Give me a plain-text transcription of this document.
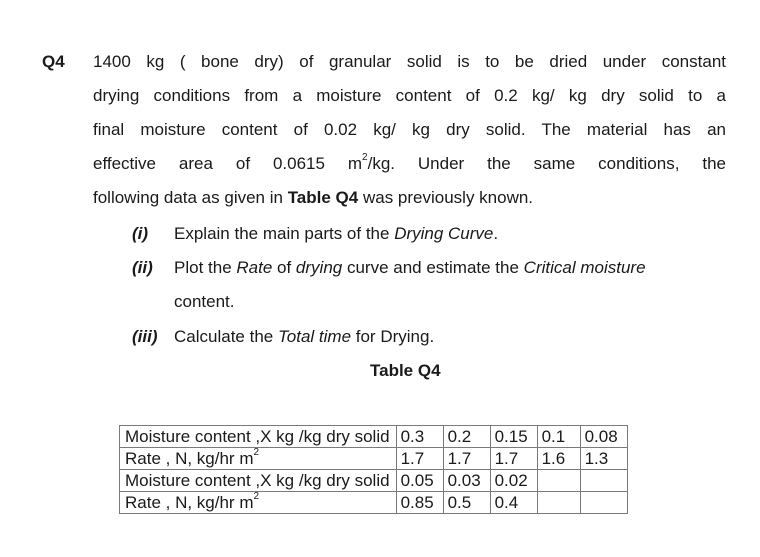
Q4 1400 kg ( bone dry) of granular solid is to be dried under constant
drying conditions from a moisture content of 0.2 kg/ kg dry solid to a
final moisture content of 0.02 kg/ kg dry solid. The material has an
effective area of 0.0615 $m^2/kg$. Under the same conditions, the
following data as given in Table Q4 was previously known.
(i) Explain the main parts of the Drying Curve.
(ii) Plot the Rate of drying curve and estimate the Critical moisture
content.
(iii) Calculate the Total time for Drying.
Table Q4
Moisture content ,X kg /kg dry solid	0.3	0.2	0.15	0.1	0.08
Rate , N, kg/hr $m^2$	1.7	1.7	1.7	1.6	1.3
Moisture content ,X kg /kg dry solid	0.05	0.03	0.02		
Rate , N, kg/hr $m^2$	0.85	0.5	0.4		
